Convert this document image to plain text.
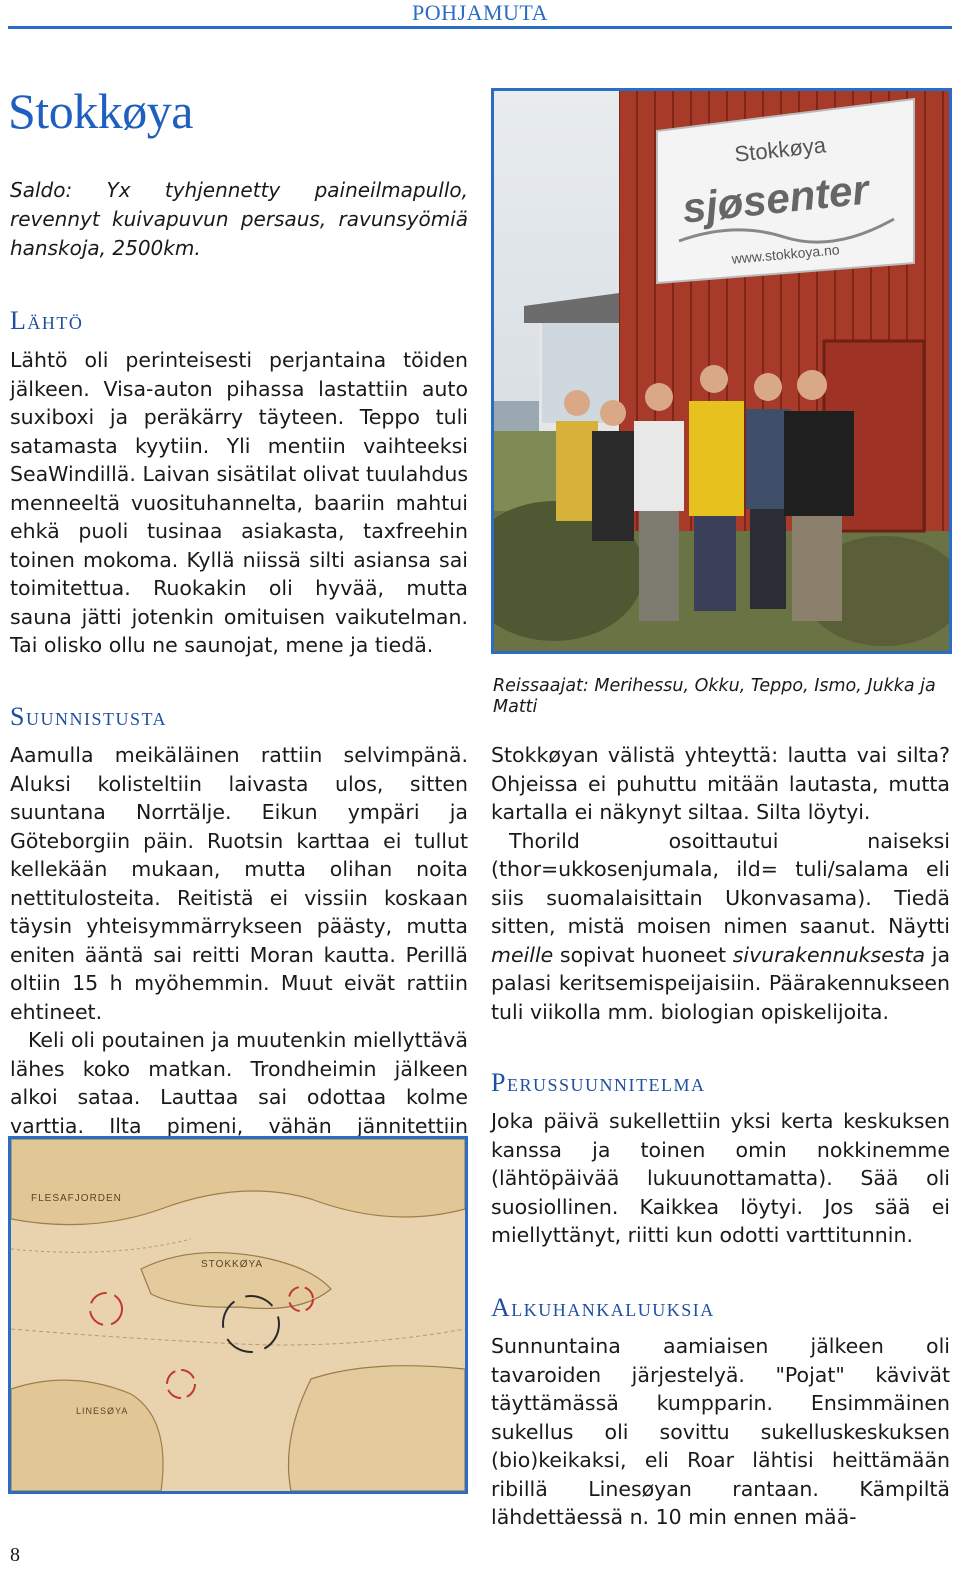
POHJAMUTA
Stokkøya
Saldo: Yx tyhjennetty paineilmapullo, revennyt kuivapuvun persaus, ravunsyömiä hanskoja, 2500km.
Lähtö

Lähtö oli perinteisesti perjantaina töiden jälkeen. Visa-auton pihassa lastattiin auto suxiboxi ja peräkärry täyteen. Teppo tuli satamasta kyytiin. Yli mentiin vaihteeksi SeaWindillä. Laivan sisätilat olivat tuulahdus menneeltä vuosituhannelta, baariin mahtui ehkä puoli tusinaa asiakasta, taxfreehin toinen mokoma. Kyllä niissä silti asiansa sai toimitettua. Ruokakin oli hyvää, mutta sauna jätti jotenkin omituisen vaikutelman. Tai olisko ollu ne saunojat, mene ja tiedä.

Suunnistusta

Aamulla meikäläinen rattiin selvimpänä. Aluksi kolisteltiin laivasta ulos, sitten suuntana Norrtälje. Eikun ympäri ja Göteborgiin päin. Ruotsin karttaa ei tullut kellekään mukaan, mutta olihan noita nettitulosteita. Reitistä ei vissiin koskaan täysin yhteisymmärrykseen päästy, mutta eniten ääntä sai reitti Moran kautta. Perillä oltiin 15 h myöhemmin. Muut eivät rattiin ehtineet.

Keli oli poutainen ja muutenkin miellyttävä lähes koko matkan. Trondheimin jälkeen alkoi sataa. Lauttaa sai odottaa kolme varttia. Ilta pimeni, vähän jännitettiin

Stokkøya
sjøsenter
www.stokkoya.no
Reissaajat: Merihessu, Okku, Teppo, Ismo, Jukka ja Matti

Stokkøyan välistä yhteyttä: lautta vai silta? Ohjeissa ei puhuttu mitään lautasta, mutta kartalla ei näkynyt siltaa. Silta löytyi.

Thorild osoittautui naiseksi (thor=ukkosenjumala, ild= tuli/salama eli siis suomalaisittain Ukonvasama). Tiedä sitten, mistä moisen nimen saanut. Näytti meille sopivat huoneet sivurakennuksesta ja palasi keritsemispeijaisiin. Päärakennukseen tuli viikolla mm. biologian opiskelijoita.

Perussuunnitelma

Joka päivä sukellettiin yksi kerta keskuksen kanssa ja toinen omin nokkinemme (lähtöpäivää lukuunottamatta). Sää oli suosiollinen. Kaikkea löytyi. Jos sää ei miellyttänyt, riitti kun odotti varttitunnin.

Alkuhankaluuksia

Sunnuntaina aamiaisen jälkeen oli tavaroiden järjestelyä. "Pojat" kävivät täyttämässä kumpparin. Ensimmäinen sukellus oli sovittu sukelluskeskuksen (bio)keikaksi, eli Roar lähtisi heittämään ribillä Linesøyan rantaan. Kämpiltä lähdettäessä n. 10 min ennen mää-

FLESAFJORDEN
STOKKØYA
LINESØYA
8
